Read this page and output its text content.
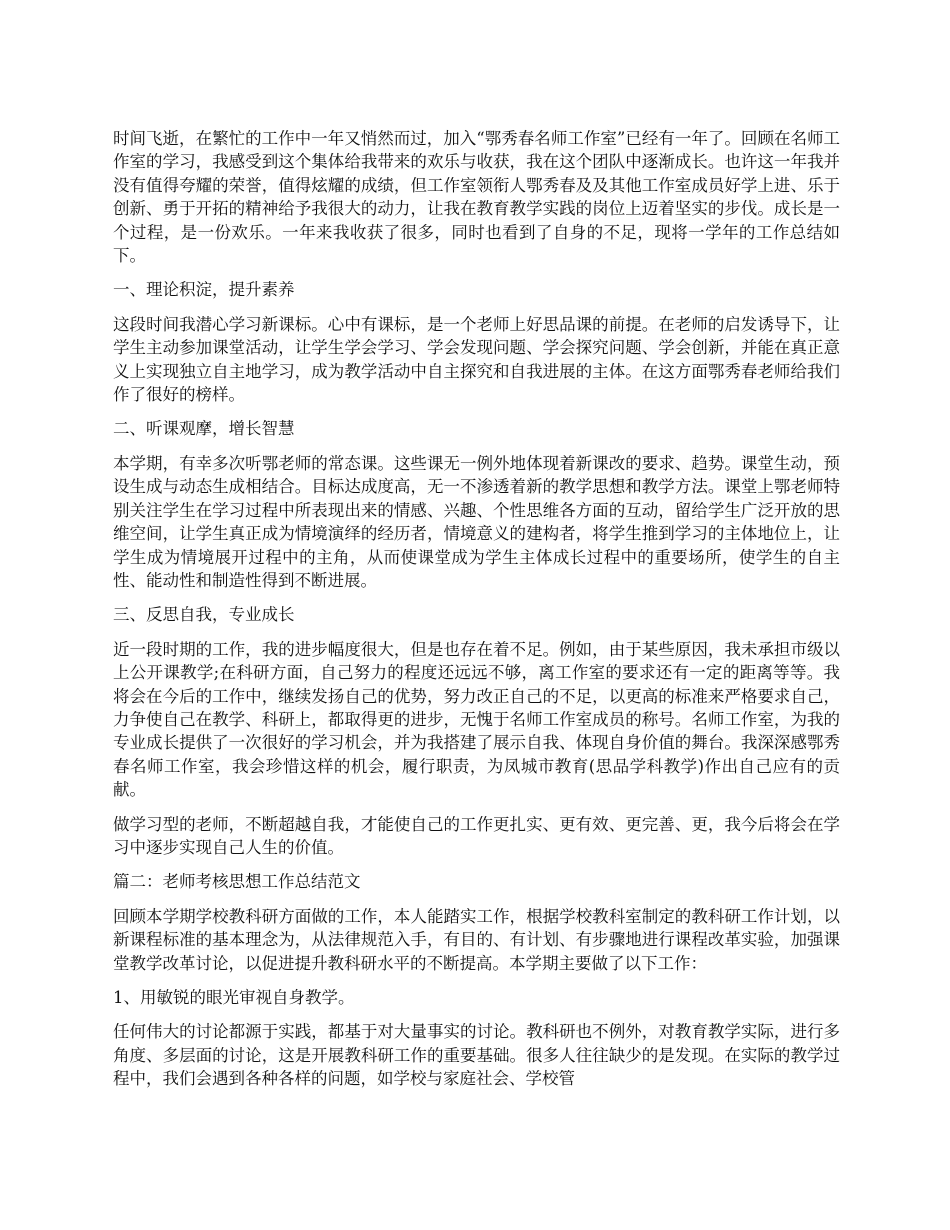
时间飞逝，在繁忙的工作中一年又悄然而过，加入“鄂秀春名师工作室”已经有一年了。回顾在名师工作室的学习，我感受到这个集体给我带来的欢乐与收获，我在这个团队中逐渐成长。也许这一年我并没有值得夸耀的荣誉，值得炫耀的成绩，但工作室领衔人鄂秀春及及其他工作室成员好学上进、乐于创新、勇于开拓的精神给予我很大的动力，让我在教育教学实践的岗位上迈着坚实的步伐。成长是一个过程，是一份欢乐。一年来我收获了很多，同时也看到了自身的不足，现将一学年的工作总结如下。

一、理论积淀，提升素养

这段时间我潜心学习新课标。心中有课标，是一个老师上好思品课的前提。在老师的启发诱导下，让学生主动参加课堂活动，让学生学会学习、学会发现问题、学会探究问题、学会创新，并能在真正意义上实现独立自主地学习，成为教学活动中自主探究和自我进展的主体。在这方面鄂秀春老师给我们作了很好的榜样。

二、听课观摩，增长智慧

本学期，有幸多次听鄂老师的常态课。这些课无一例外地体现着新课改的要求、趋势。课堂生动，预设生成与动态生成相结合。目标达成度高，无一不渗透着新的教学思想和教学方法。课堂上鄂老师特别关注学生在学习过程中所表现出来的情感、兴趣、个性思维各方面的互动，留给学生广泛开放的思维空间，让学生真正成为情境演绎的经历者，情境意义的建构者，将学生推到学习的主体地位上，让学生成为情境展开过程中的主角，从而使课堂成为学生主体成长过程中的重要场所，使学生的自主性、能动性和制造性得到不断进展。

三、反思自我，专业成长

近一段时期的工作，我的进步幅度很大，但是也存在着不足。例如，由于某些原因，我未承担市级以上公开课教学;在科研方面，自己努力的程度还远远不够，离工作室的要求还有一定的距离等等。我将会在今后的工作中，继续发扬自己的优势，努力改正自己的不足，以更高的标准来严格要求自己，力争使自己在教学、科研上，都取得更的进步，无愧于名师工作室成员的称号。名师工作室，为我的专业成长提供了一次很好的学习机会，并为我搭建了展示自我、体现自身价值的舞台。我深深感鄂秀春名师工作室，我会珍惜这样的机会，履行职责，为凤城市教育(思品学科教学)作出自己应有的贡献。

做学习型的老师，不断超越自我，才能使自己的工作更扎实、更有效、更完善、更，我今后将会在学习中逐步实现自己人生的价值。

篇二：老师考核思想工作总结范文

回顾本学期学校教科研方面做的工作，本人能踏实工作，根据学校教科室制定的教科研工作计划，以新课程标准的基本理念为，从法律规范入手，有目的、有计划、有步骤地进行课程改革实验，加强课堂教学改革讨论，以促进提升教科研水平的不断提高。本学期主要做了以下工作：

1、用敏锐的眼光审视自身教学。

任何伟大的讨论都源于实践，都基于对大量事实的讨论。教科研也不例外，对教育教学实际，进行多角度、多层面的讨论，这是开展教科研工作的重要基础。很多人往往缺少的是发现。在实际的教学过程中，我们会遇到各种各样的问题，如学校与家庭社会、学校管
